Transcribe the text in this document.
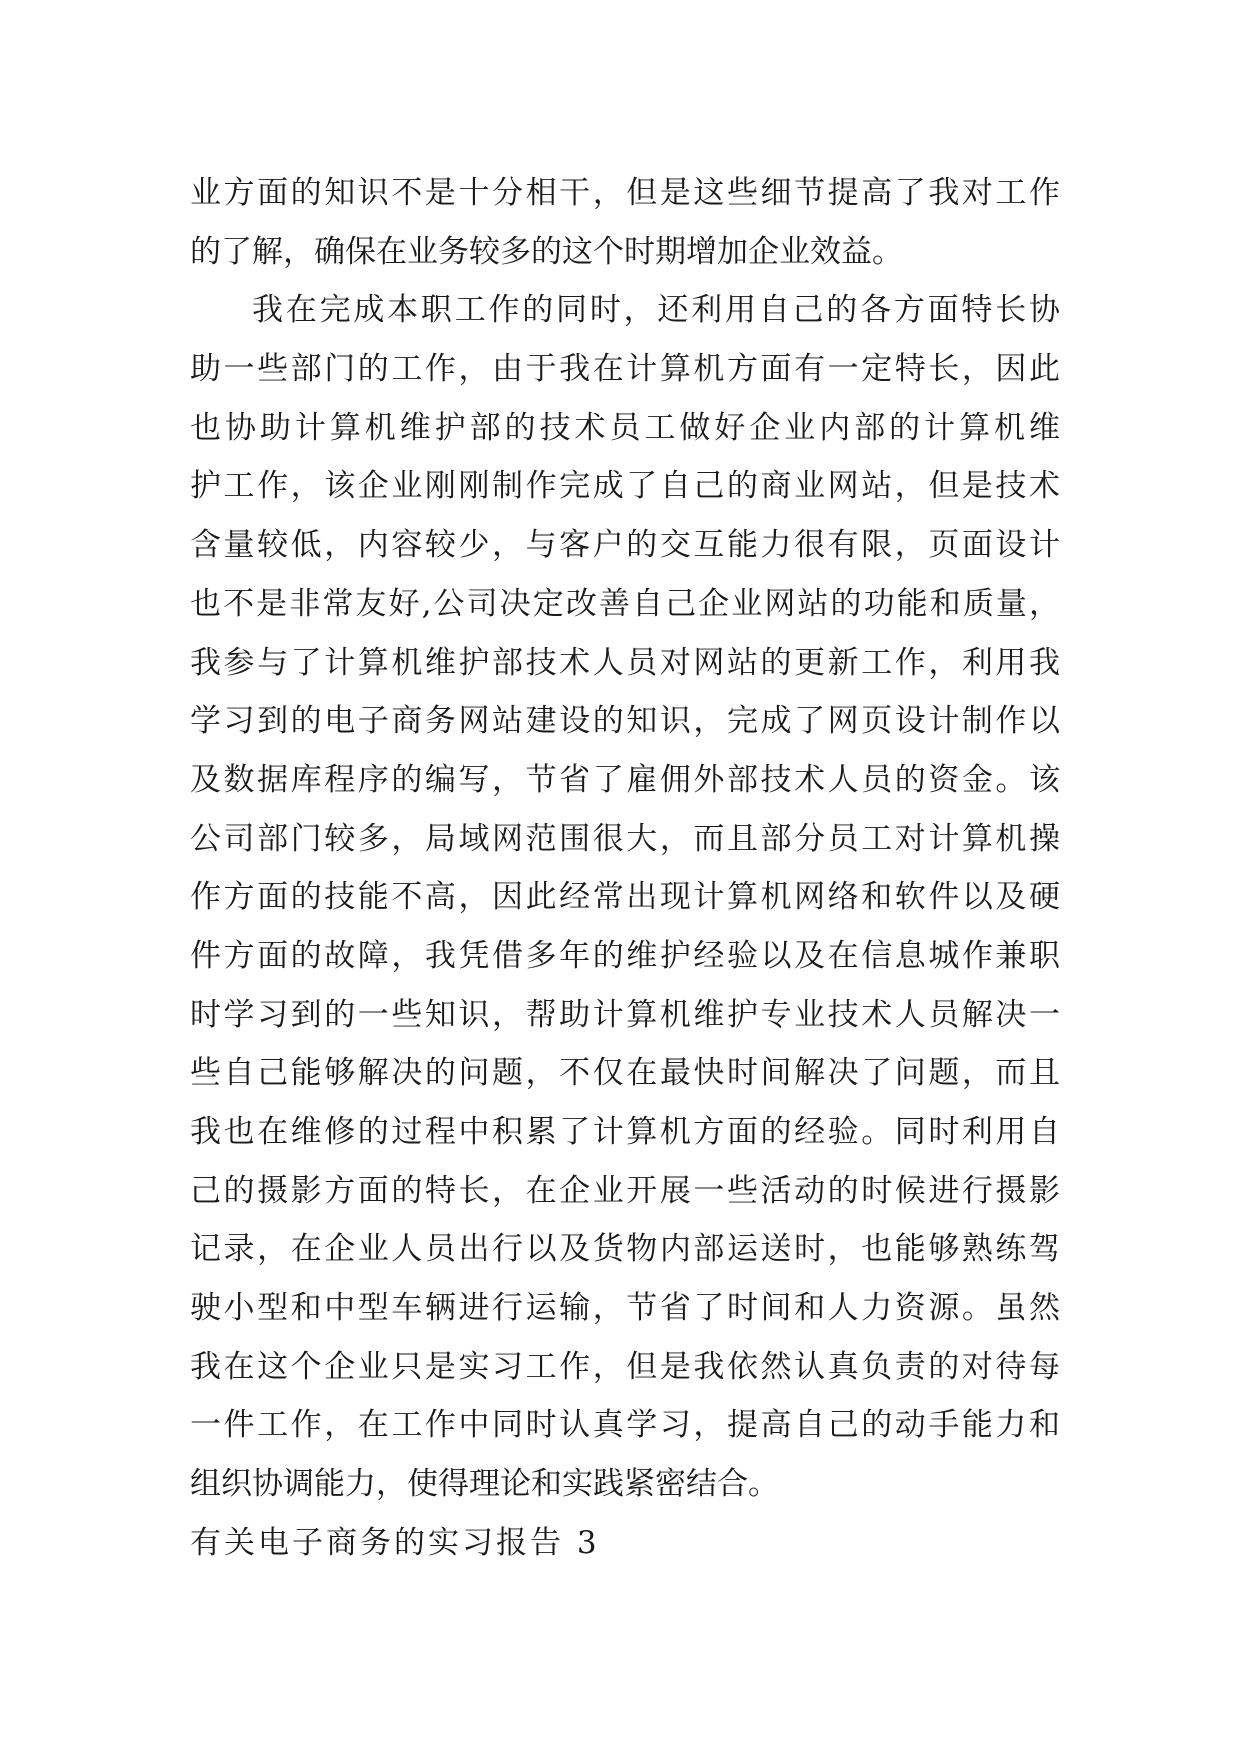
业方面的知识不是十分相干，但是这些细节提高了我对工作
的了解，确保在业务较多的这个时期增加企业效益。
我在完成本职工作的同时，还利用自己的各方面特长协
助一些部门的工作，由于我在计算机方面有一定特长，因此
也协助计算机维护部的技术员工做好企业内部的计算机维
护工作，该企业刚刚制作完成了自己的商业网站，但是技术
含量较低，内容较少，与客户的交互能力很有限，页面设计
也不是非常友好,公司决定改善自己企业网站的功能和质量，
我参与了计算机维护部技术人员对网站的更新工作，利用我
学习到的电子商务网站建设的知识，完成了网页设计制作以
及数据库程序的编写，节省了雇佣外部技术人员的资金。该
公司部门较多，局域网范围很大，而且部分员工对计算机操
作方面的技能不高，因此经常出现计算机网络和软件以及硬
件方面的故障，我凭借多年的维护经验以及在信息城作兼职
时学习到的一些知识，帮助计算机维护专业技术人员解决一
些自己能够解决的问题，不仅在最快时间解决了问题，而且
我也在维修的过程中积累了计算机方面的经验。同时利用自
己的摄影方面的特长，在企业开展一些活动的时候进行摄影
记录，在企业人员出行以及货物内部运送时，也能够熟练驾
驶小型和中型车辆进行运输，节省了时间和人力资源。虽然
我在这个企业只是实习工作，但是我依然认真负责的对待每
一件工作，在工作中同时认真学习，提高自己的动手能力和
组织协调能力，使得理论和实践紧密结合。
有关电子商务的实习报告 3
